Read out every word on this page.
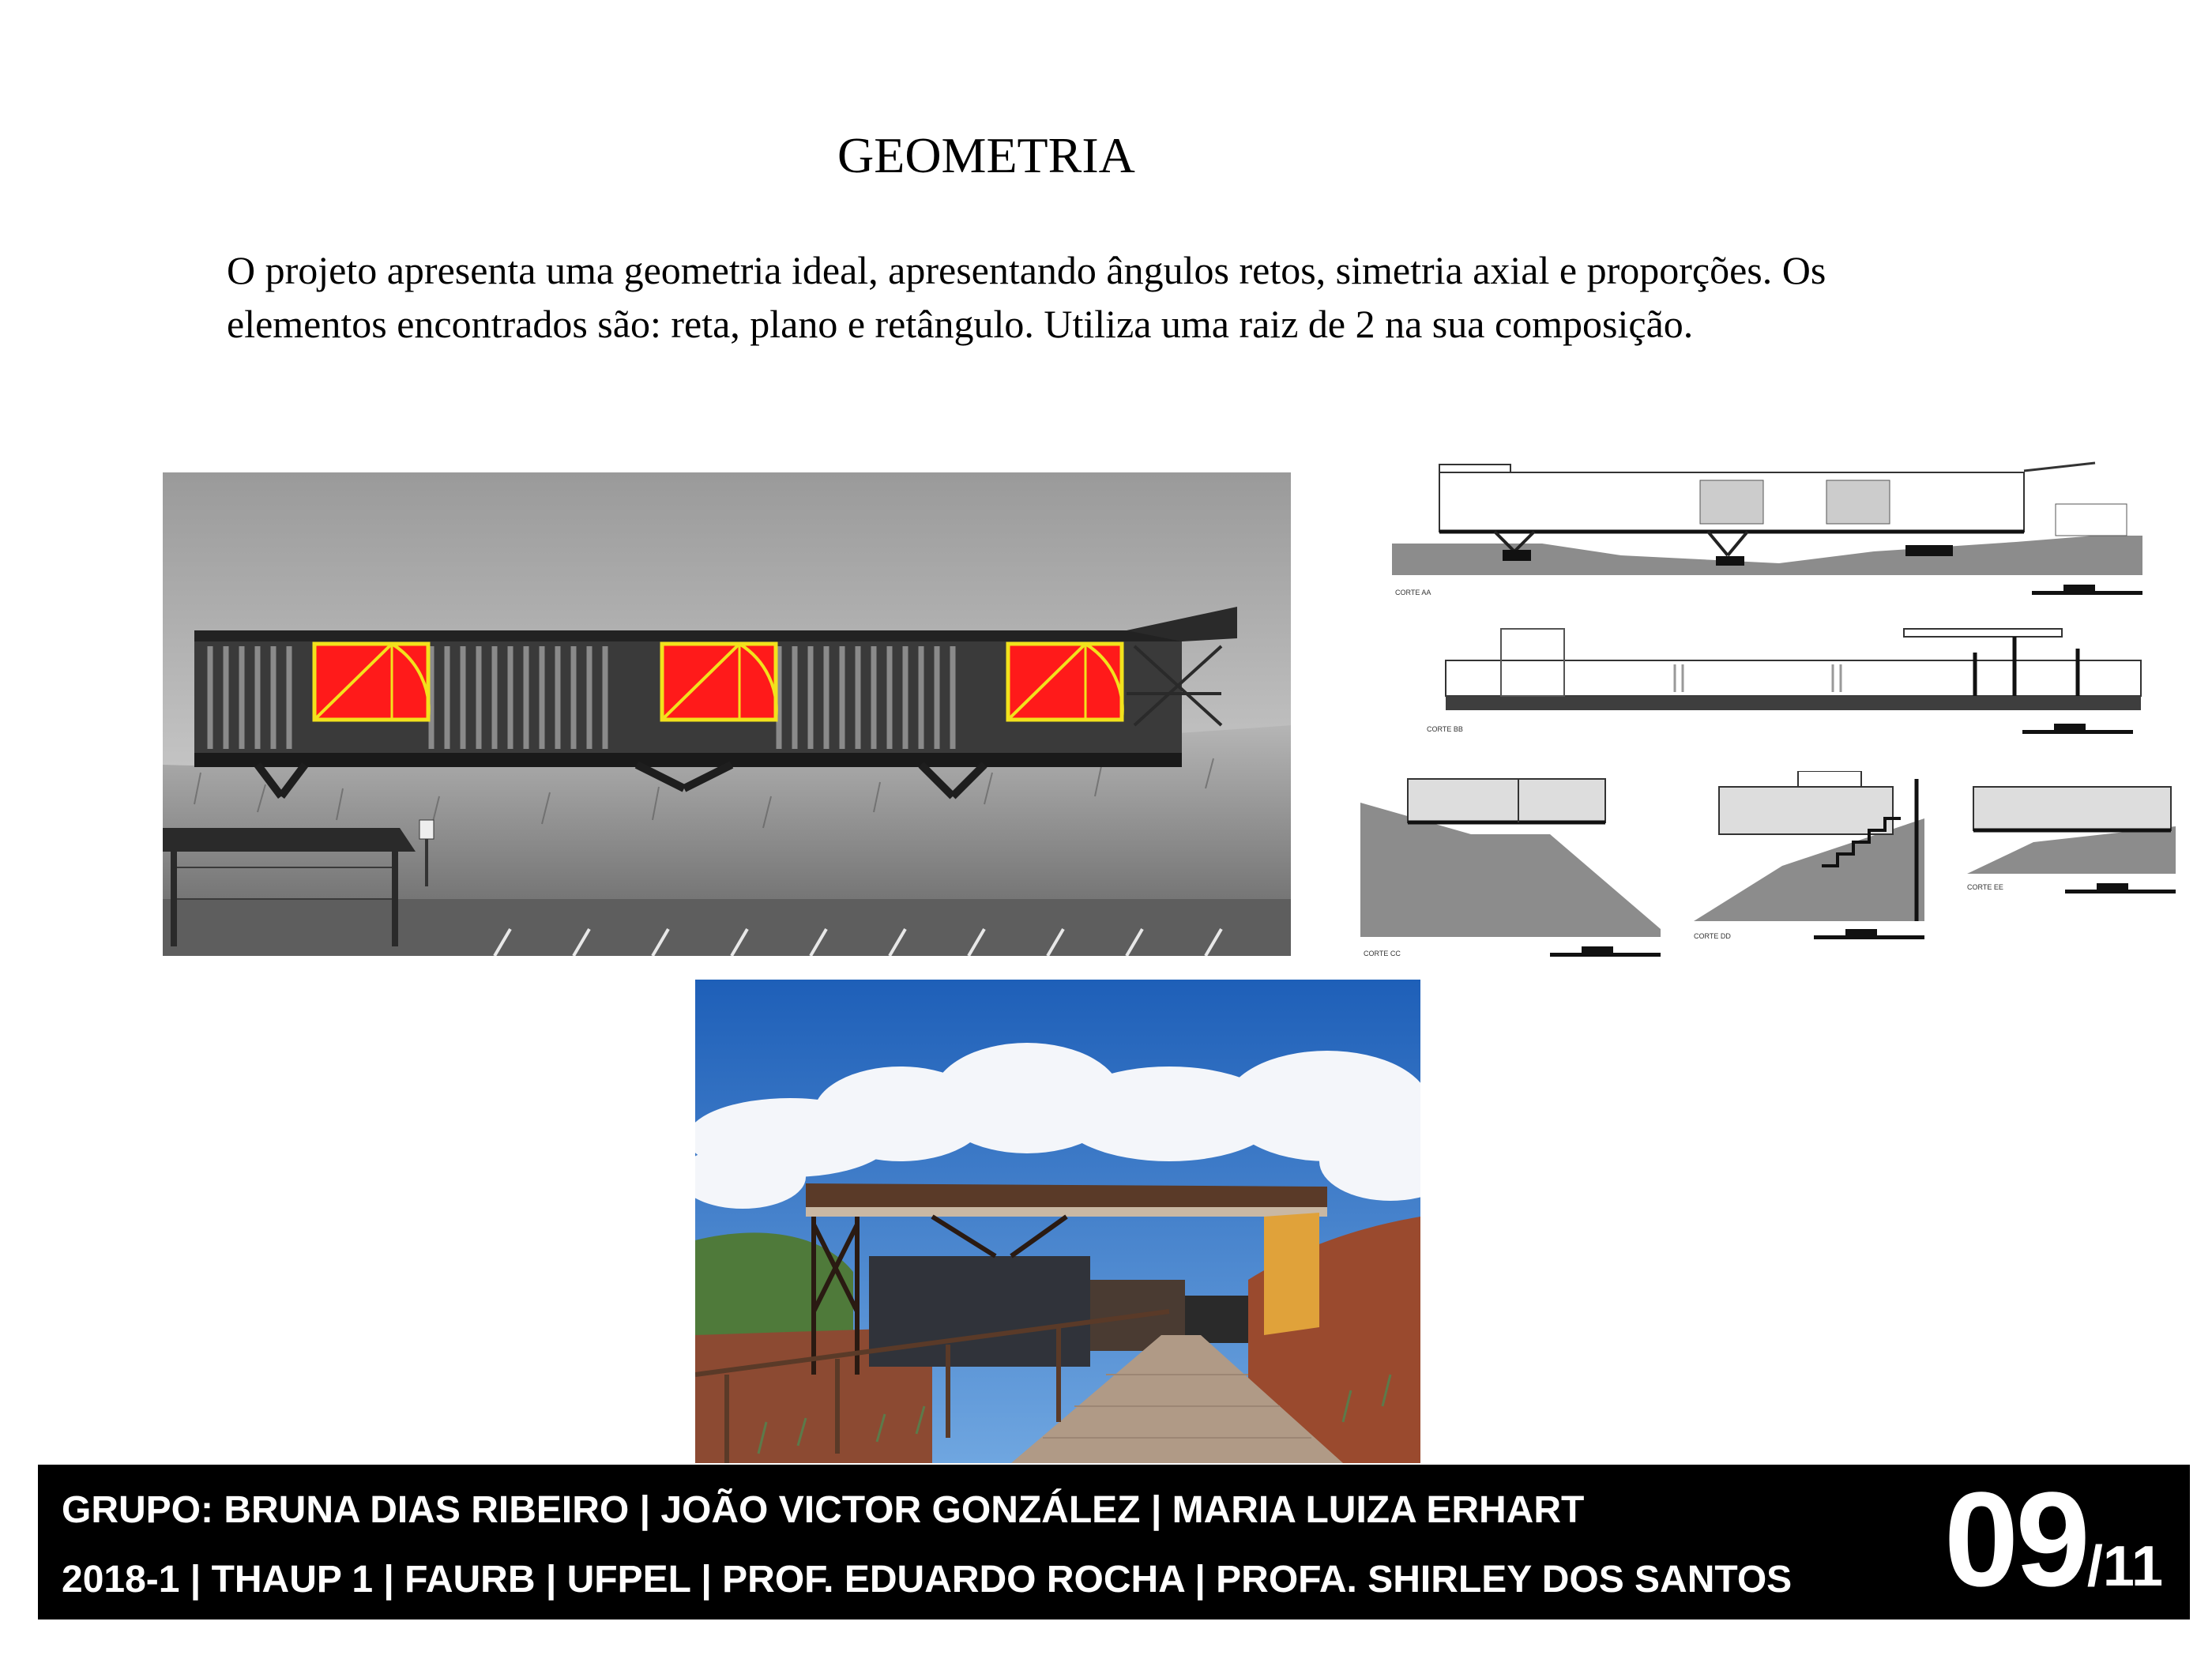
GEOMETRIA
O projeto apresenta uma geometria ideal, apresentando ângulos retos, simetria axial e proporções. Os elementos encontrados são: reta, plano e retângulo. Utiliza uma raiz de 2 na sua composição.
CORTE AA
CORTE BB
CORTE CC
CORTE DD
CORTE EE
GRUPO: BRUNA DIAS RIBEIRO | JOÃO VICTOR GONZÁLEZ | MARIA LUIZA ERHART
2018-1 | THAUP 1 | FAURB | UFPEL | PROF. EDUARDO ROCHA | PROFA. SHIRLEY DOS SANTOS 09/11
